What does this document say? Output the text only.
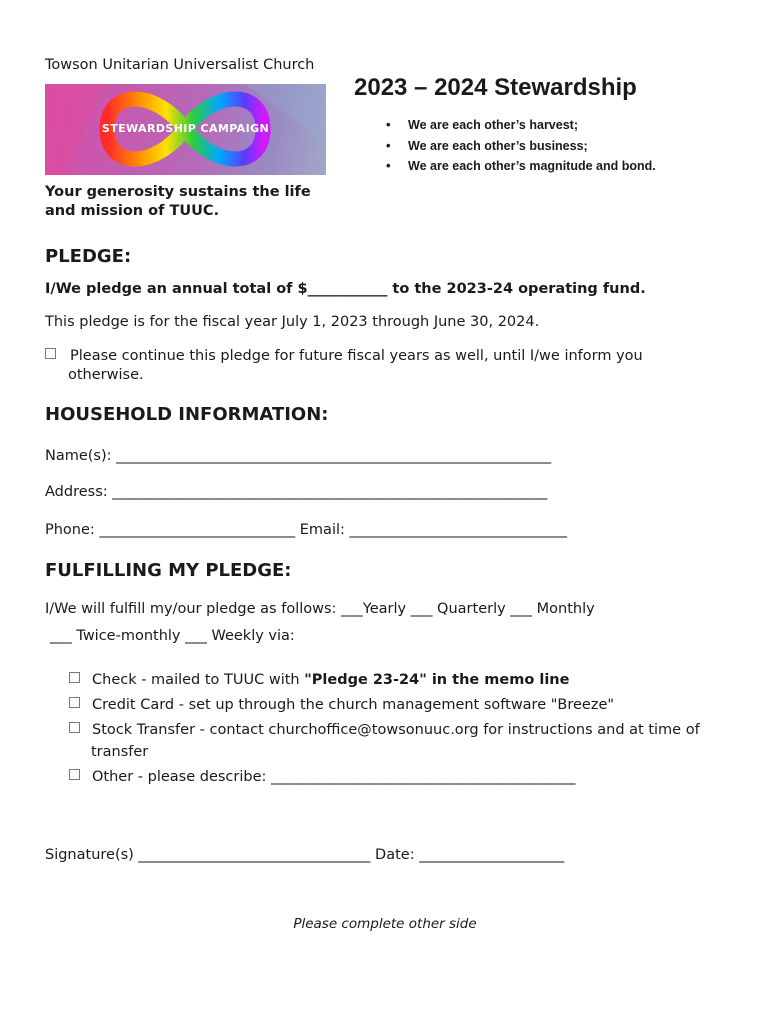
Towson Unitarian Universalist Church
STEWARDSHIP CAMPAIGN
Your generosity sustains the life
and mission of TUUC.
2023 – 2024 Stewardship
• We are each other’s harvest;
• We are each other’s business;
• We are each other’s magnitude and bond.
PLEDGE:
I/We pledge an annual total of $___________ to the 2023-24 operating fund.
This pledge is for the fiscal year July 1, 2023 through June 30, 2024.
Please continue this pledge for future fiscal years as well, until I/we inform you otherwise.
HOUSEHOLD INFORMATION:
Name(s): ____________________________________________________________
Address: ____________________________________________________________
Phone: ___________________________ Email: ______________________________
FULFILLING MY PLEDGE:
I/We will fulfill my/our pledge as follows: ___Yearly ___ Quarterly ___ Monthly
___ Twice-monthly ___ Weekly via:
Check - mailed to TUUC with "Pledge 23-24" in the memo line
Credit Card - set up through the church management software "Breeze"
Stock Transfer - contact churchoffice@towsonuuc.org for instructions and at time of transfer
Other - please describe: __________________________________________
Signature(s) ________________________________ Date: ____________________
Please complete other side
